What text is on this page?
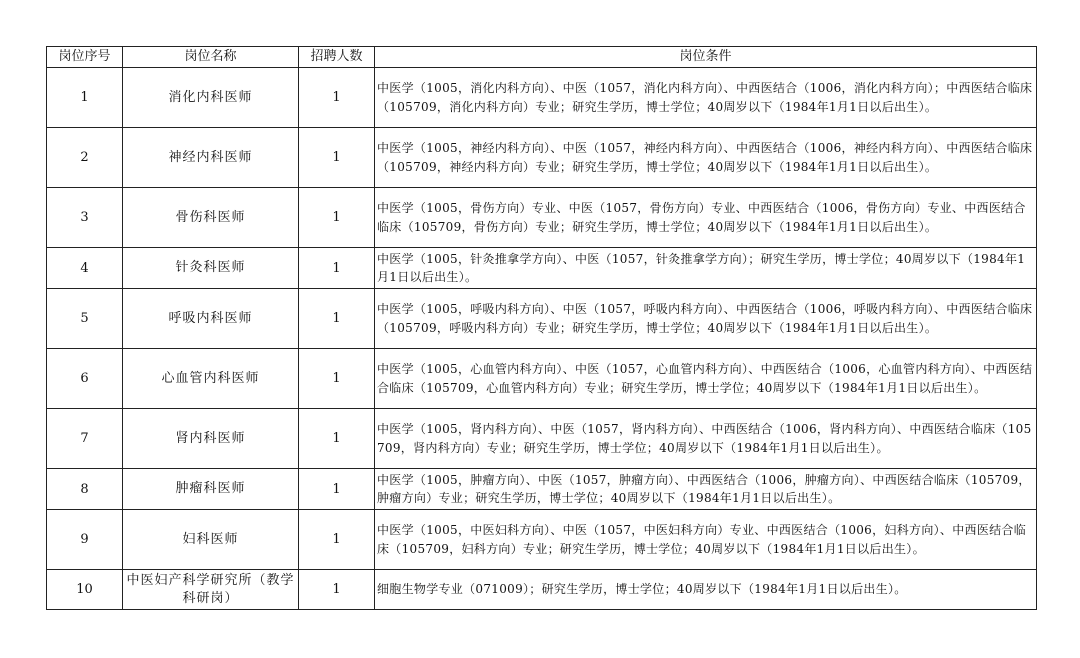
岗位序号	岗位名称	招聘人数	岗位条件
1	消化内科医师	1	中医学（1005，消化内科方向）、中医（1057，消化内科方向）、中西医结合（1006，消化内科方向）；中西医结合临床（105709，消化内科方向）专业；研究生学历，博士学位；40周岁以下（1984年1月1日以后出生）。
2	神经内科医师	1	中医学（1005，神经内科方向）、中医（1057，神经内科方向）、中西医结合（1006，神经内科方向）、中西医结合临床（105709，神经内科方向）专业；研究生学历，博士学位；40周岁以下（1984年1月1日以后出生）。
3	骨伤科医师	1	中医学（1005，骨伤方向）专业、中医（1057，骨伤方向）专业、中西医结合（1006，骨伤方向）专业、中西医结合临床（105709，骨伤方向）专业；研究生学历，博士学位；40周岁以下（1984年1月1日以后出生）。
4	针灸科医师	1	中医学（1005，针灸推拿学方向）、中医（1057，针灸推拿学方向）；研究生学历，博士学位；40周岁以下（1984年1月1日以后出生）。
5	呼吸内科医师	1	中医学（1005，呼吸内科方向）、中医（1057，呼吸内科方向）、中西医结合（1006，呼吸内科方向）、中西医结合临床（105709，呼吸内科方向）专业；研究生学历，博士学位；40周岁以下（1984年1月1日以后出生）。
6	心血管内科医师	1	中医学（1005，心血管内科方向）、中医（1057，心血管内科方向）、中西医结合（1006，心血管内科方向）、中西医结合临床（105709，心血管内科方向）专业；研究生学历，博士学位；40周岁以下（1984年1月1日以后出生）。
7	肾内科医师	1	中医学（1005，肾内科方向）、中医（1057，肾内科方向）、中西医结合（1006，肾内科方向）、中西医结合临床（105709，肾内科方向）专业；研究生学历，博士学位；40周岁以下（1984年1月1日以后出生）。
8	肿瘤科医师	1	中医学（1005，肿瘤方向）、中医（1057，肿瘤方向）、中西医结合（1006，肿瘤方向）、中西医结合临床（105709，肿瘤方向）专业；研究生学历，博士学位；40周岁以下（1984年1月1日以后出生）。
9	妇科医师	1	中医学（1005，中医妇科方向）、中医（1057，中医妇科方向）专业、中西医结合（1006，妇科方向）、中西医结合临床（105709，妇科方向）专业；研究生学历，博士学位；40周岁以下（1984年1月1日以后出生）。
10	中医妇产科学研究所（教学科研岗）	1	细胞生物学专业（071009）；研究生学历，博士学位；40周岁以下（1984年1月1日以后出生）。
